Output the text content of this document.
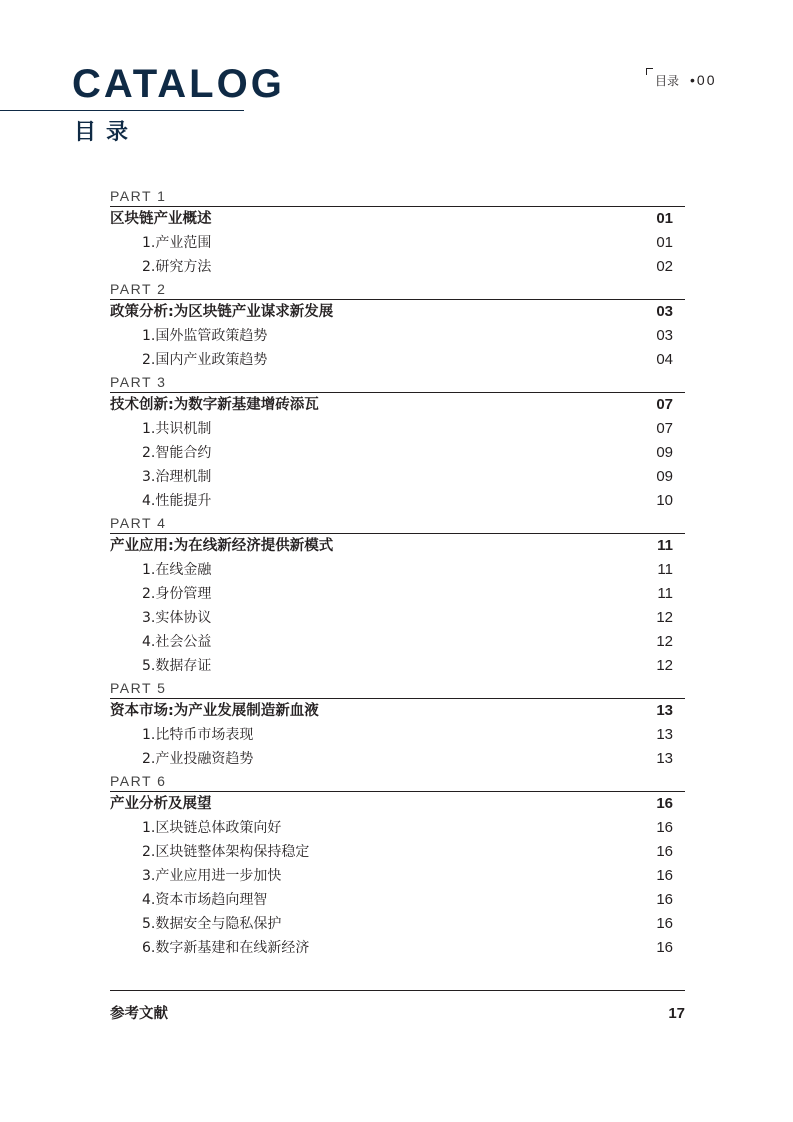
CATALOG
目录
目录 •00
PART 1
区块链产业概述	01
1.产业范围	01
2.研究方法	02
PART 2
政策分析:为区块链产业谋求新发展	03
1.国外监管政策趋势	03
2.国内产业政策趋势	04
PART 3
技术创新:为数字新基建增砖添瓦	07
1.共识机制	07
2.智能合约	09
3.治理机制	09
4.性能提升	10
PART 4
产业应用:为在线新经济提供新模式	11
1.在线金融	11
2.身份管理	11
3.实体协议	12
4.社会公益	12
5.数据存证	12
PART 5
资本市场:为产业发展制造新血液	13
1.比特币市场表现	13
2.产业投融资趋势	13
PART 6
产业分析及展望	16
1.区块链总体政策向好	16
2.区块链整体架构保持稳定	16
3.产业应用进一步加快	16
4.资本市场趋向理智	16
5.数据安全与隐私保护	16
6.数字新基建和在线新经济	16
参考文献	17
